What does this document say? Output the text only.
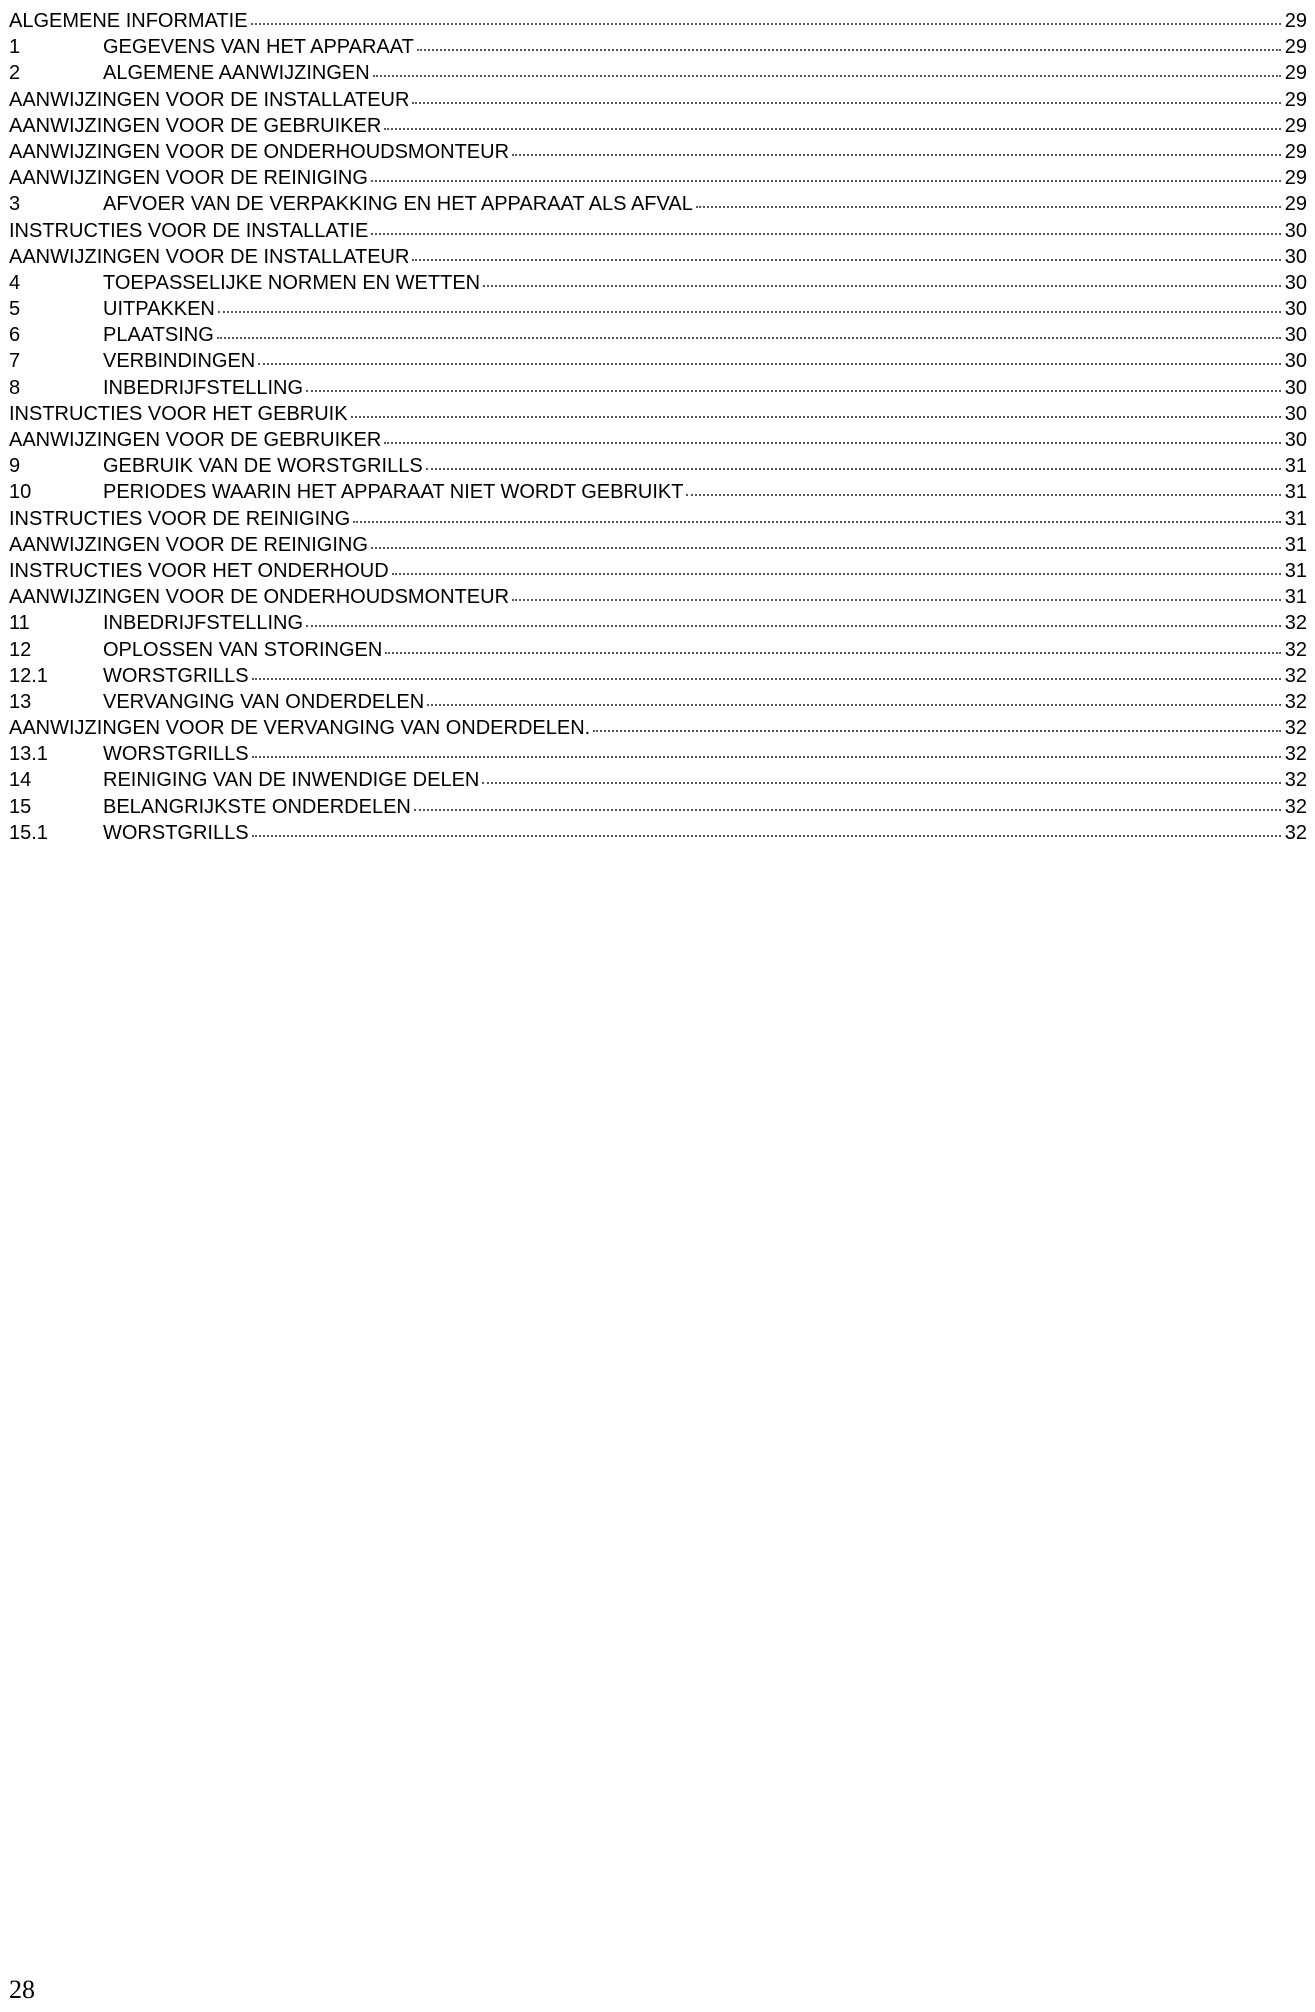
ALGEMENE INFORMATIE	29
1	GEGEVENS VAN HET APPARAAT	29
2	ALGEMENE AANWIJZINGEN	29
AANWIJZINGEN VOOR DE INSTALLATEUR	29
AANWIJZINGEN VOOR DE GEBRUIKER	29
AANWIJZINGEN VOOR DE ONDERHOUDSMONTEUR	29
AANWIJZINGEN VOOR DE REINIGING	29
3	AFVOER VAN DE VERPAKKING EN HET APPARAAT ALS AFVAL	29
INSTRUCTIES VOOR DE INSTALLATIE	30
AANWIJZINGEN VOOR DE INSTALLATEUR	30
4	TOEPASSELIJKE NORMEN EN WETTEN	30
5	UITPAKKEN	30
6	PLAATSING	30
7	VERBINDINGEN	30
8	INBEDRIJFSTELLING	30
INSTRUCTIES VOOR HET GEBRUIK	30
AANWIJZINGEN VOOR DE GEBRUIKER	30
9	GEBRUIK VAN DE WORSTGRILLS	31
10	PERIODES WAARIN HET APPARAAT NIET WORDT GEBRUIKT	31
INSTRUCTIES VOOR DE REINIGING	31
AANWIJZINGEN VOOR DE REINIGING	31
INSTRUCTIES VOOR HET ONDERHOUD	31
AANWIJZINGEN VOOR DE ONDERHOUDSMONTEUR	31
11	INBEDRIJFSTELLING	32
12	OPLOSSEN VAN STORINGEN	32
12.1	WORSTGRILLS	32
13	VERVANGING VAN ONDERDELEN	32
AANWIJZINGEN VOOR DE VERVANGING VAN ONDERDELEN.	32
13.1	WORSTGRILLS	32
14	REINIGING VAN DE INWENDIGE DELEN	32
15	BELANGRIJKSTE ONDERDELEN	32
15.1	WORSTGRILLS	32
28
